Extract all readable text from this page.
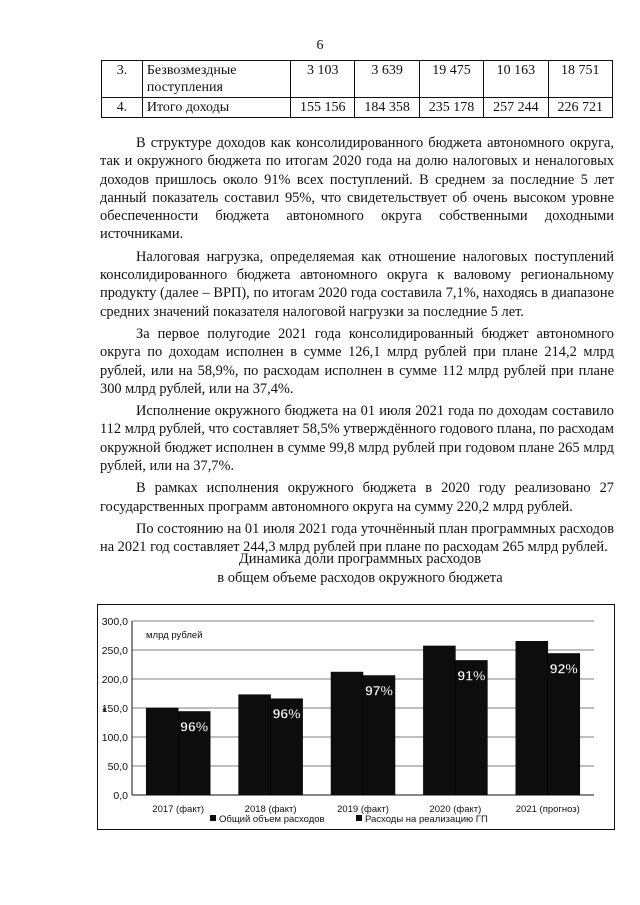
6
3.	Безвозмездные поступления	3 103	3 639	19 475	10 163	18 751
4.	Итого доходы	155 156	184 358	235 178	257 244	226 721

В структуре доходов как консолидированного бюджета автономного округа, так и окружного бюджета по итогам 2020 года на долю налоговых и неналоговых доходов пришлось около 91% всех поступлений. В среднем за последние 5 лет данный показатель составил 95%, что свидетельствует об очень высоком уровне обеспеченности бюджета автономного округа собственными доходными источниками.

Налоговая нагрузка, определяемая как отношение налоговых поступлений консолидированного бюджета автономного округа к валовому региональному продукту (далее – ВРП), по итогам 2020 года составила 7,1%, находясь в диапазоне средних значений показателя налоговой нагрузки за последние 5 лет.

За первое полугодие 2021 года консолидированный бюджет автономного округа по доходам исполнен в сумме 126,1 млрд рублей при плане 214,2 млрд рублей, или на 58,9%, по расходам исполнен в сумме 112 млрд рублей при плане 300 млрд рублей, или на 37,4%.

Исполнение окружного бюджета на 01 июля 2021 года по доходам составило 112 млрд рублей, что составляет 58,5% утверждённого годового плана, по расходам окружной бюджет исполнен в сумме 99,8 млрд рублей при годовом плане 265 млрд рублей, или на 37,7%.

В рамках исполнения окружного бюджета в 2020 году реализовано 27 государственных программ автономного округа на сумму 220,2 млрд рублей.

По состоянию на 01 июля 2021 года уточнённый план программных расходов на 2021 год составляет 244,3 млрд рублей при плане по расходам 265 млрд рублей.

Динамика доли программных расходов
в общем объеме расходов окружного бюджета
0,0
50,0
100,0
150,0
200,0
250,0
300,0
млрд рублей
96%
2017 (факт)
96%
2018 (факт)
97%
2019 (факт)
91%
2020 (факт)
92%
2021 (прогноз)
Общий объем расходов	Расходы на реализацию ГП
